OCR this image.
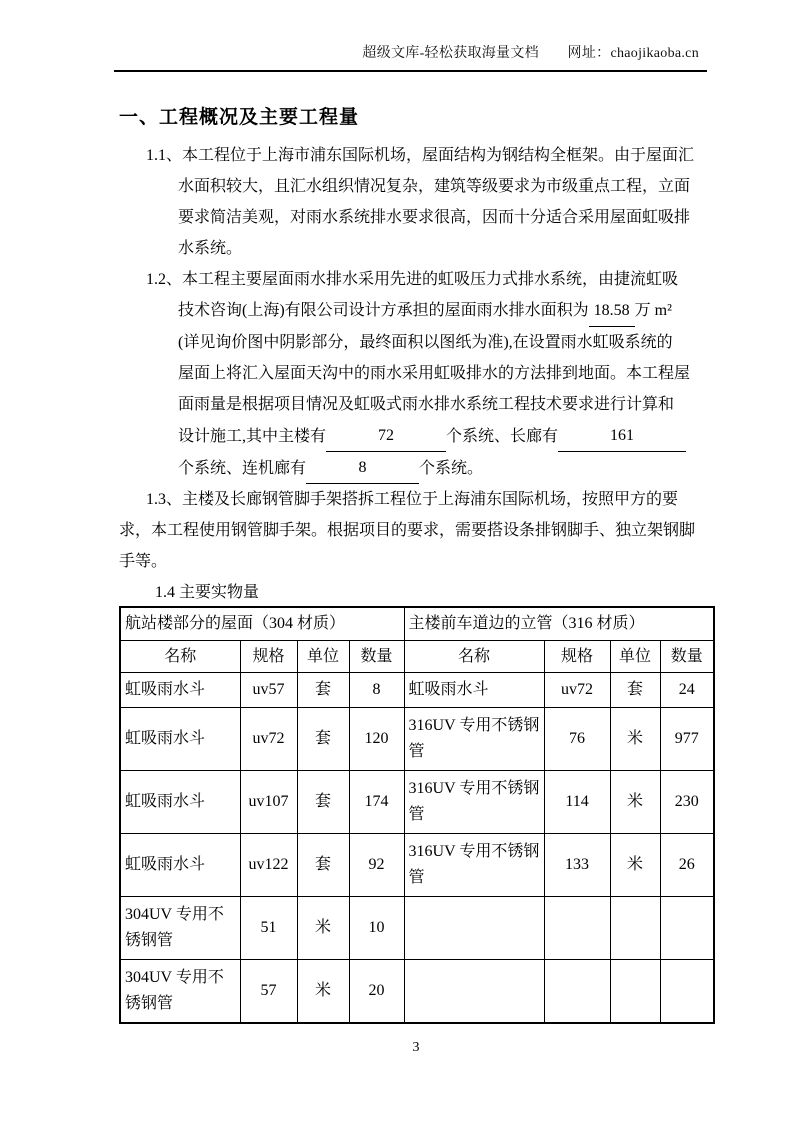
超级文库-轻松获取海量文档　　网址：chaojikaoba.cn
一、工程概况及主要工程量
1.1、本工程位于上海市浦东国际机场，屋面结构为钢结构全框架。由于屋面汇
水面积较大，且汇水组织情况复杂，建筑等级要求为市级重点工程，立面
要求简洁美观，对雨水系统排水要求很高，因而十分适合采用屋面虹吸排
水系统。
1.2、本工程主要屋面雨水排水采用先进的虹吸压力式排水系统，由捷流虹吸
技术咨询(上海)有限公司设计方承担的屋面雨水排水面积为 18.58 万 m²
(详见询价图中阴影部分，最终面积以图纸为准),在设置雨水虹吸系统的
屋面上将汇入屋面天沟中的雨水采用虹吸排水的方法排到地面。本工程屋
面雨量是根据项目情况及虹吸式雨水排水系统工程技术要求进行计算和
设计施工,其中主楼有	72	个系统、长廊有	161
个系统、连机廊有	8	个系统。
1.3、主楼及长廊钢管脚手架搭拆工程位于上海浦东国际机场，按照甲方的要
求，本工程使用钢管脚手架。根据项目的要求，需要搭设条排钢脚手、独立架钢脚
手等。
1.4 主要实物量
航站楼部分的屋面（304 材质）				主楼前车道边的立管（316 材质）			
名称	规格	单位	数量	名称	规格	单位	数量
虹吸雨水斗	uv57	套	8	虹吸雨水斗	uv72	套	24
虹吸雨水斗	uv72	套	120	316UV 专用不锈钢管	76	米	977
虹吸雨水斗	uv107	套	174	316UV 专用不锈钢管	114	米	230
虹吸雨水斗	uv122	套	92	316UV 专用不锈钢管	133	米	26
304UV 专用不锈钢管	51	米	10				
304UV 专用不锈钢管	57	米	20				
3
